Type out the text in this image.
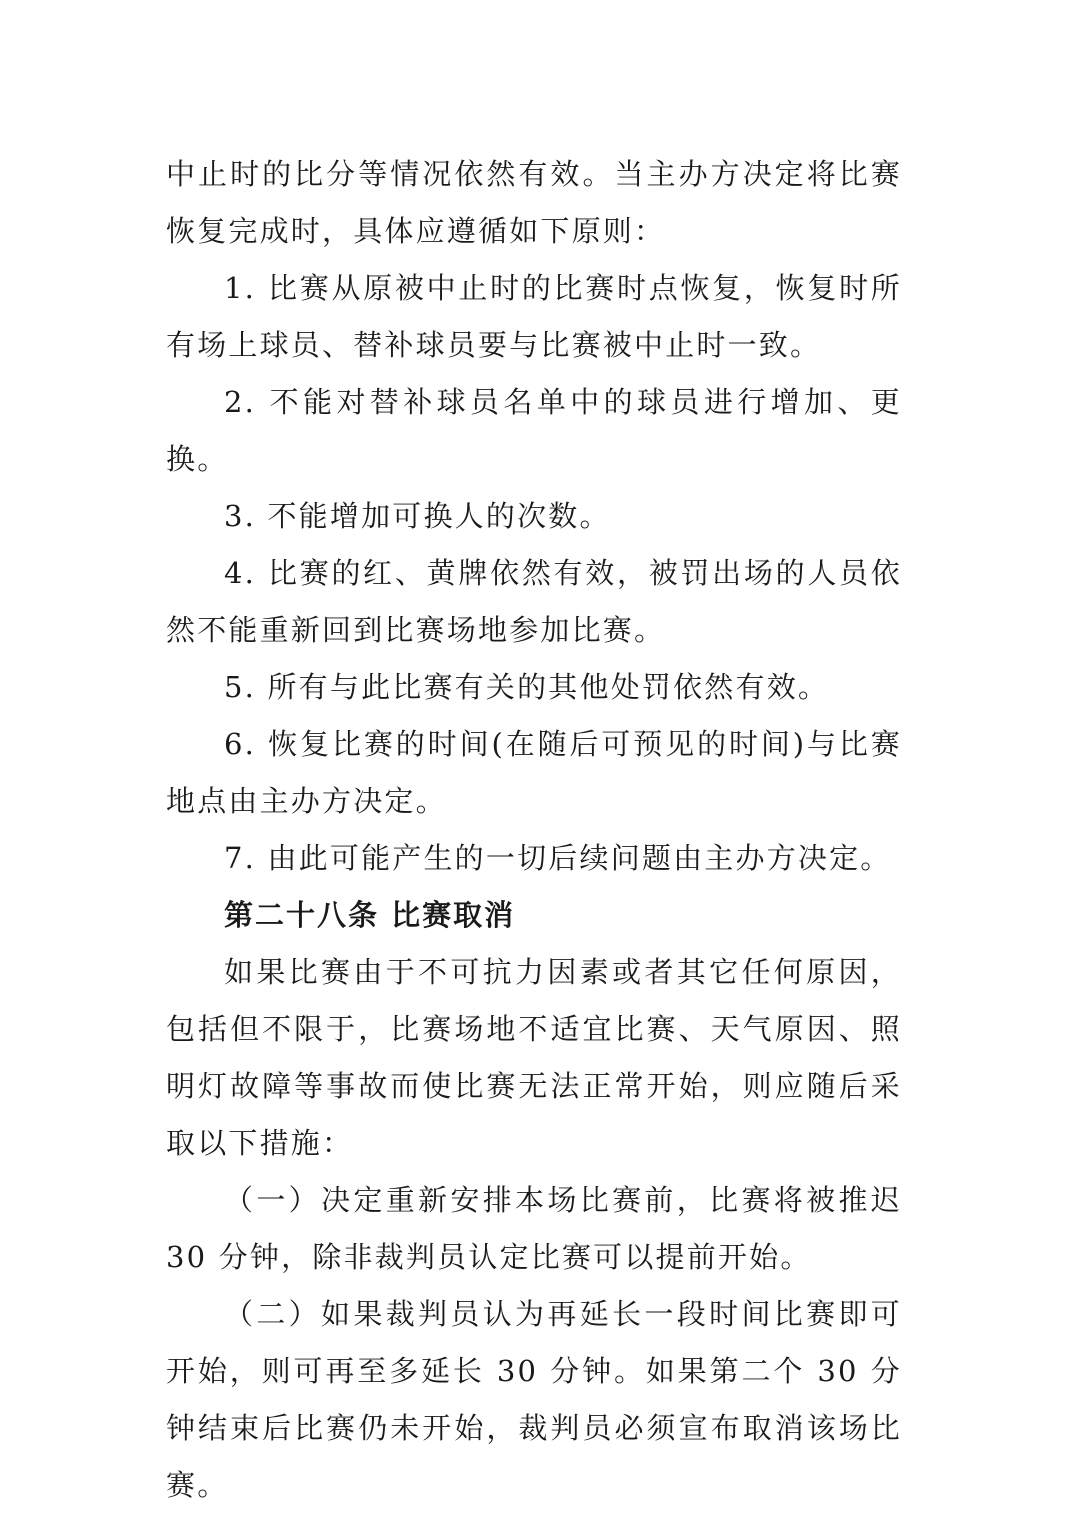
中止时的比分等情况依然有效。当主办方决定将比赛恢复完成时，具体应遵循如下原则：

1. 比赛从原被中止时的比赛时点恢复，恢复时所有场上球员、替补球员要与比赛被中止时一致。

2. 不能对替补球员名单中的球员进行增加、更换。

3. 不能增加可换人的次数。

4. 比赛的红、黄牌依然有效，被罚出场的人员依然不能重新回到比赛场地参加比赛。

5. 所有与此比赛有关的其他处罚依然有效。

6. 恢复比赛的时间(在随后可预见的时间)与比赛地点由主办方决定。

7. 由此可能产生的一切后续问题由主办方决定。

第二十八条 比赛取消

如果比赛由于不可抗力因素或者其它任何原因，包括但不限于，比赛场地不适宜比赛、天气原因、照明灯故障等事故而使比赛无法正常开始，则应随后采取以下措施：

（一）决定重新安排本场比赛前，比赛将被推迟 30 分钟，除非裁判员认定比赛可以提前开始。

（二）如果裁判员认为再延长一段时间比赛即可开始，则可再至多延长 30 分钟。如果第二个 30 分钟结束后比赛仍未开始，裁判员必须宣布取消该场比赛。
